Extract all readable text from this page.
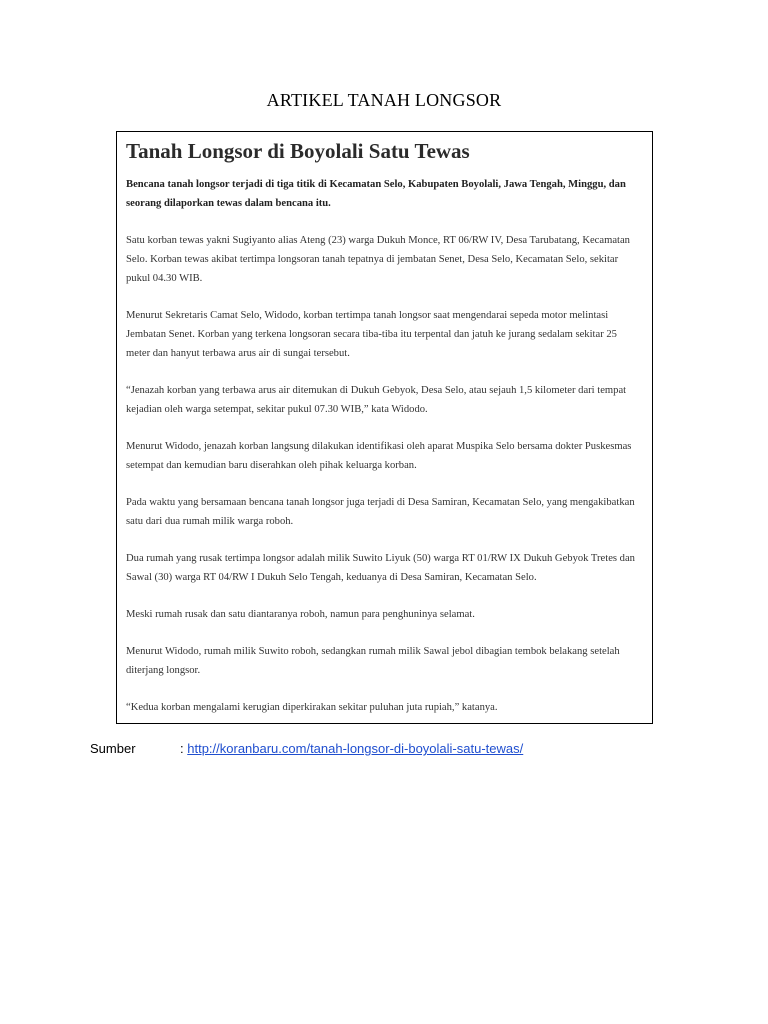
ARTIKEL TANAH LONGSOR
Tanah Longsor di Boyolali Satu Tewas

Bencana tanah longsor terjadi di tiga titik di Kecamatan Selo, Kabupaten Boyolali, Jawa Tengah, Minggu, dan seorang dilaporkan tewas dalam bencana itu.

Satu korban tewas yakni Sugiyanto alias Ateng (23) warga Dukuh Monce, RT 06/RW IV, Desa Tarubatang, Kecamatan Selo. Korban tewas akibat tertimpa longsoran tanah tepatnya di jembatan Senet, Desa Selo, Kecamatan Selo, sekitar pukul 04.30 WIB.

Menurut Sekretaris Camat Selo, Widodo, korban tertimpa tanah longsor saat mengendarai sepeda motor melintasi Jembatan Senet. Korban yang terkena longsoran secara tiba-tiba itu terpental dan jatuh ke jurang sedalam sekitar 25 meter dan hanyut terbawa arus air di sungai tersebut.

“Jenazah korban yang terbawa arus air ditemukan di Dukuh Gebyok, Desa Selo, atau sejauh 1,5 kilometer dari tempat kejadian oleh warga setempat, sekitar pukul 07.30 WIB,” kata Widodo.

Menurut Widodo, jenazah korban langsung dilakukan identifikasi oleh aparat Muspika Selo bersama dokter Puskesmas setempat dan kemudian baru diserahkan oleh pihak keluarga korban.

Pada waktu yang bersamaan bencana tanah longsor juga terjadi di Desa Samiran, Kecamatan Selo, yang mengakibatkan satu dari dua rumah milik warga roboh.

Dua rumah yang rusak tertimpa longsor adalah milik Suwito Liyuk (50) warga RT 01/RW IX Dukuh Gebyok Tretes dan Sawal (30) warga RT 04/RW I Dukuh Selo Tengah, keduanya di Desa Samiran, Kecamatan Selo.

Meski rumah rusak dan satu diantaranya roboh, namun para penghuninya selamat.

Menurut Widodo, rumah milik Suwito roboh, sedangkan rumah milik Sawal jebol dibagian tembok belakang setelah diterjang longsor.

“Kedua korban mengalami kerugian diperkirakan sekitar puluhan juta rupiah,” katanya.

Sumber	: http://koranbaru.com/tanah-longsor-di-boyolali-satu-tewas/
